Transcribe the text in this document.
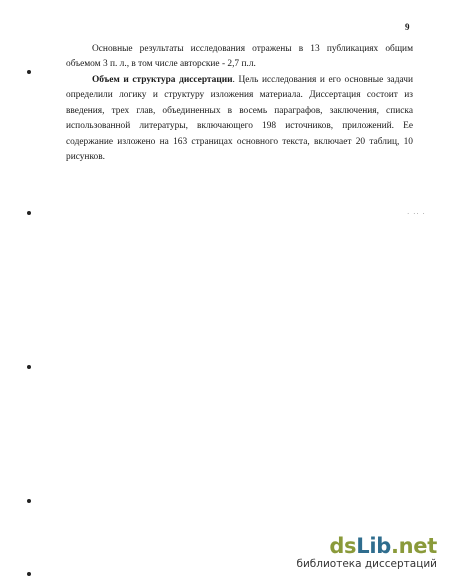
9

Основные результаты исследования отражены в 13 публикациях общим объемом 3 п. л., в том числе авторские - 2,7 п.л.

Объем и структура диссертации. Цель исследования и его основные задачи определили логику и структуру изложения материала. Диссертация состоит из введения, трех глав, объединенных в восемь параграфов, заключения, списка использованной литературы, включающего 198 источников, приложений. Ее содержание изложено на 163 страницах основного текста, включает 20 таблиц, 10 рисунков.

· ·· ·
dsLib.net
библиотека диссертаций
